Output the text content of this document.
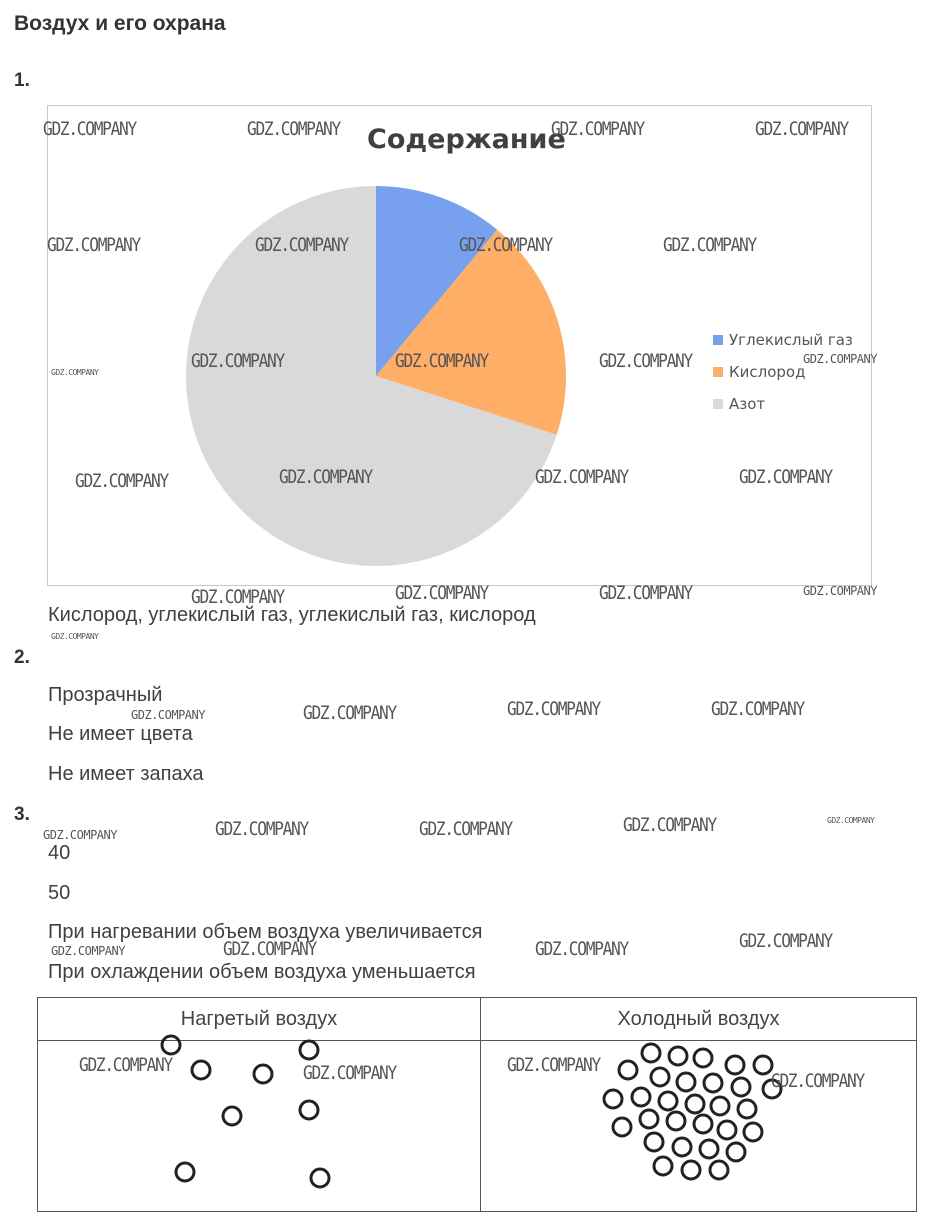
Воздух и его охрана
1.
Содержание
Углекислый газ
Кислород
Азот
Кислород, углекислый газ, углекислый газ, кислород
2.
Прозрачный
Не имеет цвета
Не имеет запаха
3.
40
50
При нагревании объем воздуха увеличивается
При охлаждении объем воздуха уменьшается
Нагретый воздух	Холодный воздух

GDZ.COMPANY	GDZ.COMPANY	GDZ.COMPANY	GDZ.COMPANY
GDZ.COMPANY	GDZ.COMPANY	GDZ.COMPANY	GDZ.COMPANY
GDZ.COMPANY	GDZ.COMPANY	GDZ.COMPANY
GDZ.COMPANY	GDZ.COMPANY	GDZ.COMPANY	GDZ.COMPANY
GDZ.COMPANY	GDZ.COMPANY	GDZ.COMPANY
GDZ.COMPANY	GDZ.COMPANY	GDZ.COMPANY
GDZ.COMPANY	GDZ.COMPANY	GDZ.COMPANY
GDZ.COMPANY	GDZ.COMPANY	GDZ.COMPANY
GDZ.COMPANY	GDZ.COMPANY	GDZ.COMPANY
GDZ.COMPANY
GDZ.COMPANY
GDZ.COMPANY
GDZ.COMPANY
GDZ.COMPANY
GDZ.COMPANY
GDZ.COMPANY
GDZ.COMPANY
GDZ.COMPANY
